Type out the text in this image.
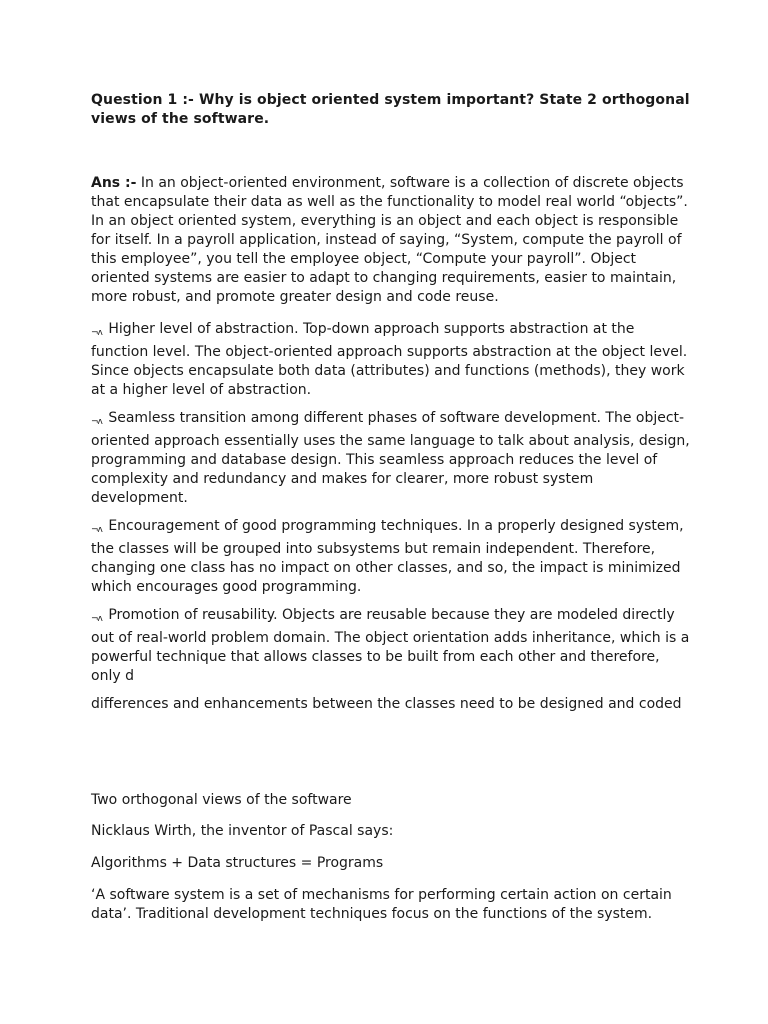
Question 1 :- Why is object oriented system important? State 2 orthogonal views of the software.
Ans :- In an object-oriented environment, software is a collection of discrete objects that encapsulate their data as well as the functionality to model real world “objects”. In an object oriented system, everything is an object and each object is responsible for itself. In a payroll application, instead of saying, “System, compute the payroll of this employee”, you tell the employee object, “Compute your payroll”. Object oriented systems are easier to adapt to changing requirements, easier to maintain, more robust, and promote greater design and code reuse.
¬ʌ Higher level of abstraction. Top-down approach supports abstraction at the function level. The object-oriented approach supports abstraction at the object level. Since objects encapsulate both data (attributes) and functions (methods), they work at a higher level of abstraction.
¬ʌ Seamless transition among different phases of software development. The object-oriented approach essentially uses the same language to talk about analysis, design, programming and database design. This seamless approach reduces the level of complexity and redundancy and makes for clearer, more robust system development.
¬ʌ Encouragement of good programming techniques. In a properly designed system, the classes will be grouped into subsystems but remain independent. Therefore, changing one class has no impact on other classes, and so, the impact is minimized which encourages good programming.
¬ʌ Promotion of reusability. Objects are reusable because they are modeled directly out of real-world problem domain. The object orientation adds inheritance, which is a powerful technique that allows classes to be built from each other and therefore, only d
differences and enhancements between the classes need to be designed and coded
Two orthogonal views of the software
Nicklaus Wirth, the inventor of Pascal says:
Algorithms + Data structures = Programs
‘A software system is a set of mechanisms for performing certain action on certain data’. Traditional development techniques focus on the functions of the system.
